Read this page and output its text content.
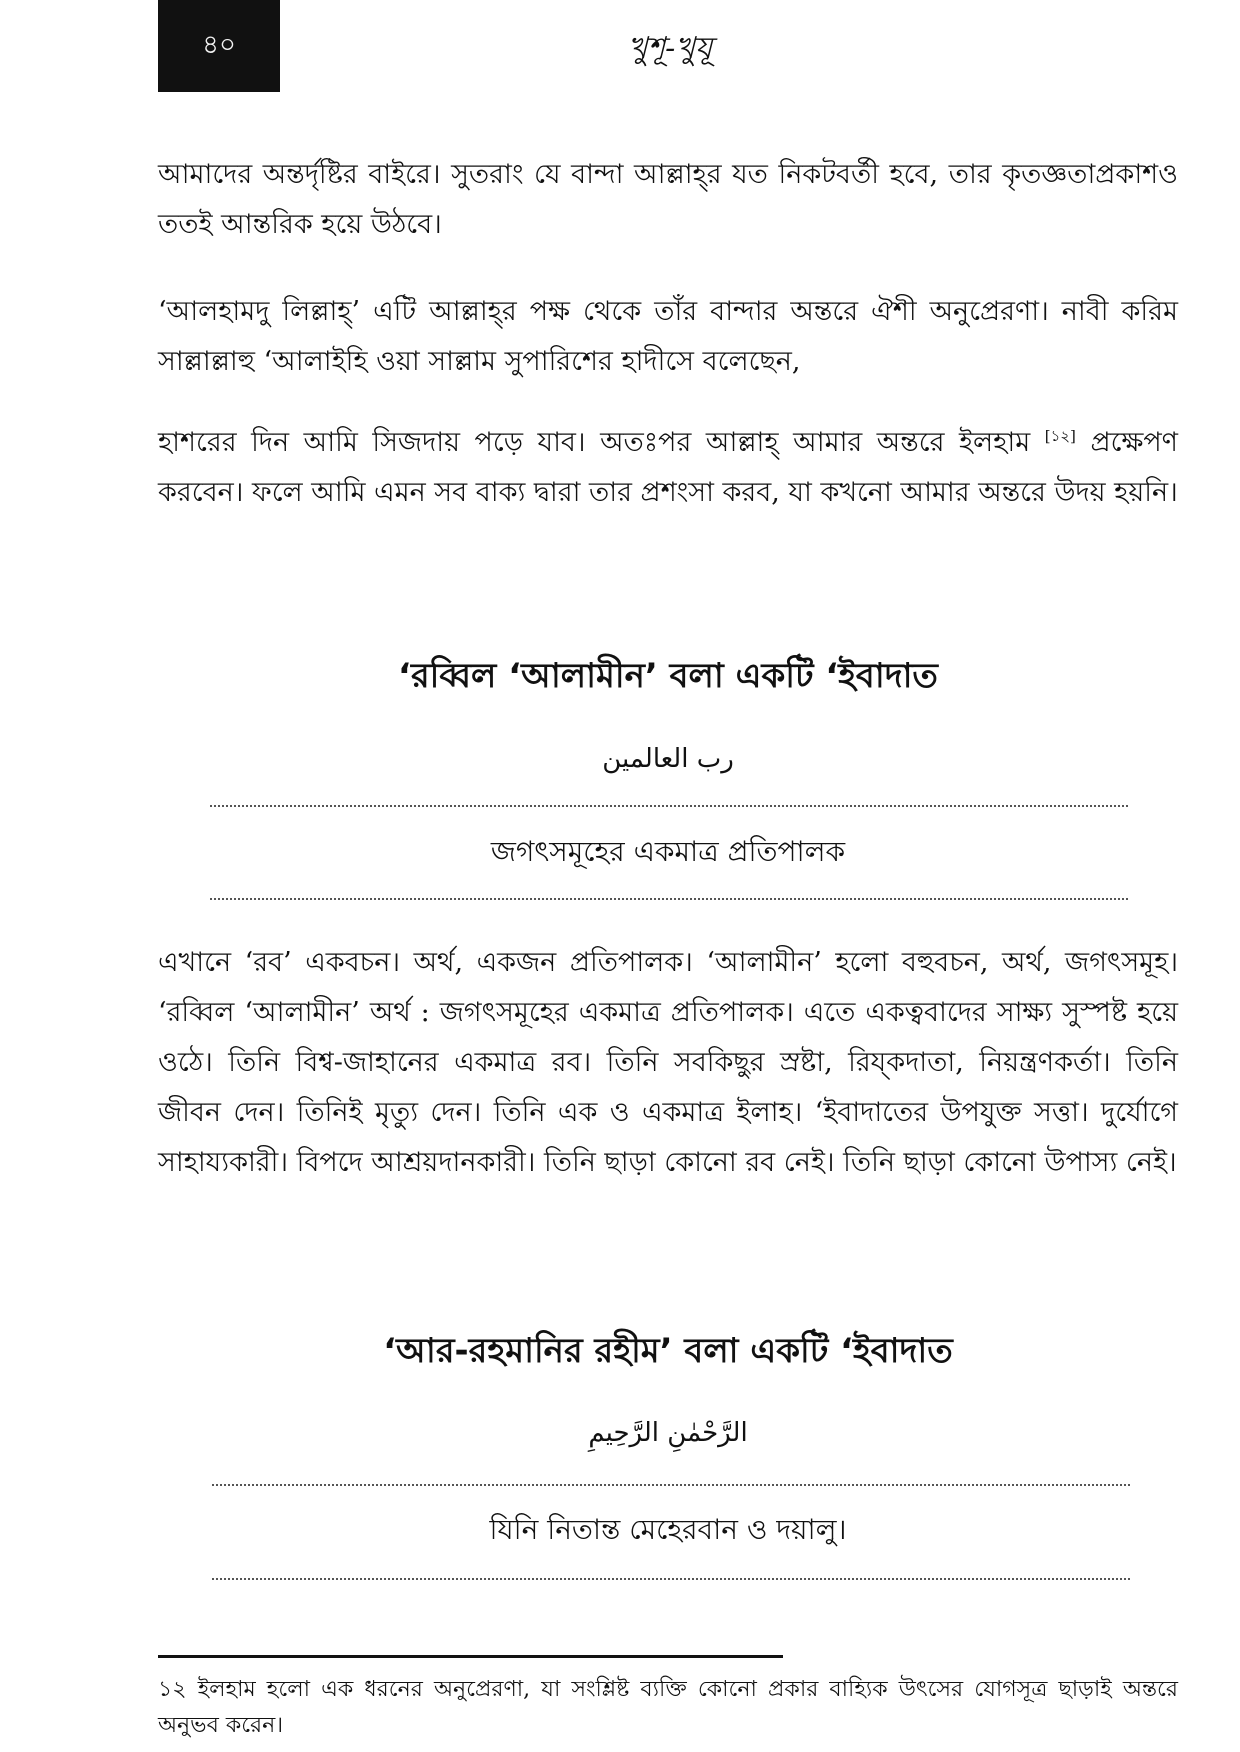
৪০	খুশূ-খুযূ

আমাদের অন্তর্দৃষ্টির বাইরে। সুতরাং যে বান্দা আল্লাহ্‌র যত নিকটবর্তী হবে, তার কৃতজ্ঞতাপ্রকাশও ততই আন্তরিক হয়ে উঠবে।

‘আলহামদু লিল্লাহ্‌’ এটি আল্লাহ্‌র পক্ষ থেকে তাঁর বান্দার অন্তরে ঐশী অনুপ্রেরণা। নাবী করিম সাল্লাল্লাহু ‘আলাইহি ওয়া সাল্লাম সুপারিশের হাদীসে বলেছেন,

হাশরের দিন আমি সিজদায় পড়ে যাব। অতঃপর আল্লাহ্‌ আমার অন্তরে ইলহাম [১২] প্রক্ষেপণ করবেন। ফলে আমি এমন সব বাক্য দ্বারা তার প্রশংসা করব, যা কখনো আমার অন্তরে উদয় হয়নি।

‘রব্বিল ‘আলামীন’ বলা একটি ‘ইবাদাত
رب العالمين
জগৎসমূহের একমাত্র প্রতিপালক

এখানে ‘রব’ একবচন। অর্থ, একজন প্রতিপালক। ‘আলামীন’ হলো বহুবচন, অর্থ, জগৎসমূহ। ‘রব্বিল ‘আলামীন’ অর্থ : জগৎসমূহের একমাত্র প্রতিপালক। এতে একত্ববাদের সাক্ষ্য সুস্পষ্ট হয়ে ওঠে। তিনি বিশ্ব-জাহানের একমাত্র রব। তিনি সবকিছুর স্রষ্টা, রিয্‌কদাতা, নিয়ন্ত্রণকর্তা। তিনি জীবন দেন। তিনিই মৃত্যু দেন। তিনি এক ও একমাত্র ইলাহ। ‘ইবাদাতের উপযুক্ত সত্তা। দুর্যোগে সাহায্যকারী। বিপদে আশ্রয়দানকারী। তিনি ছাড়া কোনো রব নেই। তিনি ছাড়া কোনো উপাস্য নেই।

‘আর-রহমানির রহীম’ বলা একটি ‘ইবাদাত
الرَّحْمٰنِ الرَّحِيمِ
যিনি নিতান্ত মেহেরবান ও দয়ালু।
১২ ইলহাম হলো এক ধরনের অনুপ্রেরণা, যা সংশ্লিষ্ট ব্যক্তি কোনো প্রকার বাহ্যিক উৎসের যোগসূত্র ছাড়াই অন্তরে অনুভব করেন।
